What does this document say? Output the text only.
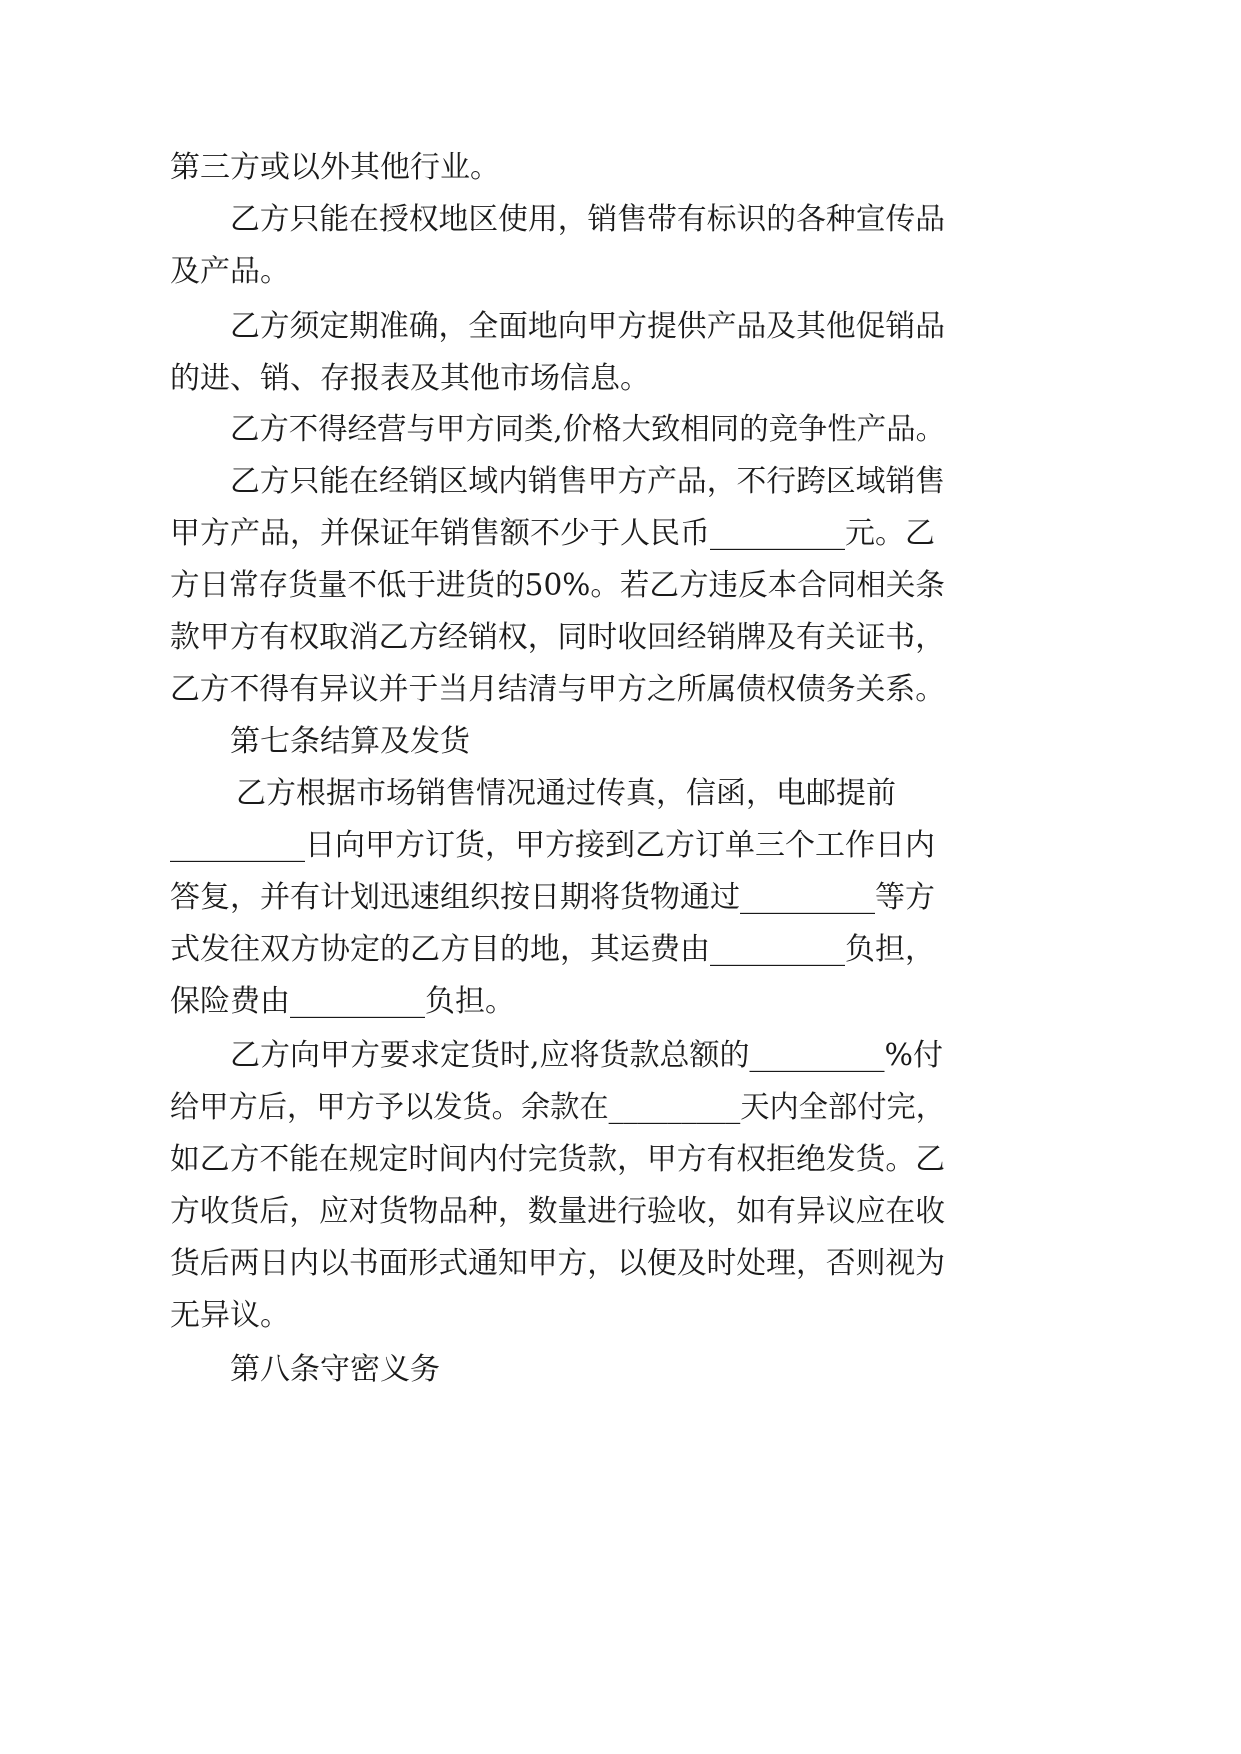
第三方或以外其他行业。
乙方只能在授权地区使用，销售带有标识的各种宣传品
及产品。
乙方须定期准确，全面地向甲方提供产品及其他促销品
的进、销、存报表及其他市场信息。
乙方不得经营与甲方同类,价格大致相同的竞争性产品。
乙方只能在经销区域内销售甲方产品，不行跨区域销售
甲方产品，并保证年销售额不少于人民币_________元。乙
方日常存货量不低于进货的50%。若乙方违反本合同相关条
款甲方有权取消乙方经销权，同时收回经销牌及有关证书，
乙方不得有异议并于当月结清与甲方之所属债权债务关系。
第七条结算及发货
乙方根据市场销售情况通过传真，信函，电邮提前
_________日向甲方订货，甲方接到乙方订单三个工作日内
答复，并有计划迅速组织按日期将货物通过_________等方
式发往双方协定的乙方目的地，其运费由_________负担，
保险费由_________负担。
乙方向甲方要求定货时,应将货款总额的_________%付
给甲方后，甲方予以发货。余款在_________天内全部付完，
如乙方不能在规定时间内付完货款，甲方有权拒绝发货。乙
方收货后，应对货物品种，数量进行验收，如有异议应在收
货后两日内以书面形式通知甲方，以便及时处理，否则视为
无异议。
第八条守密义务
